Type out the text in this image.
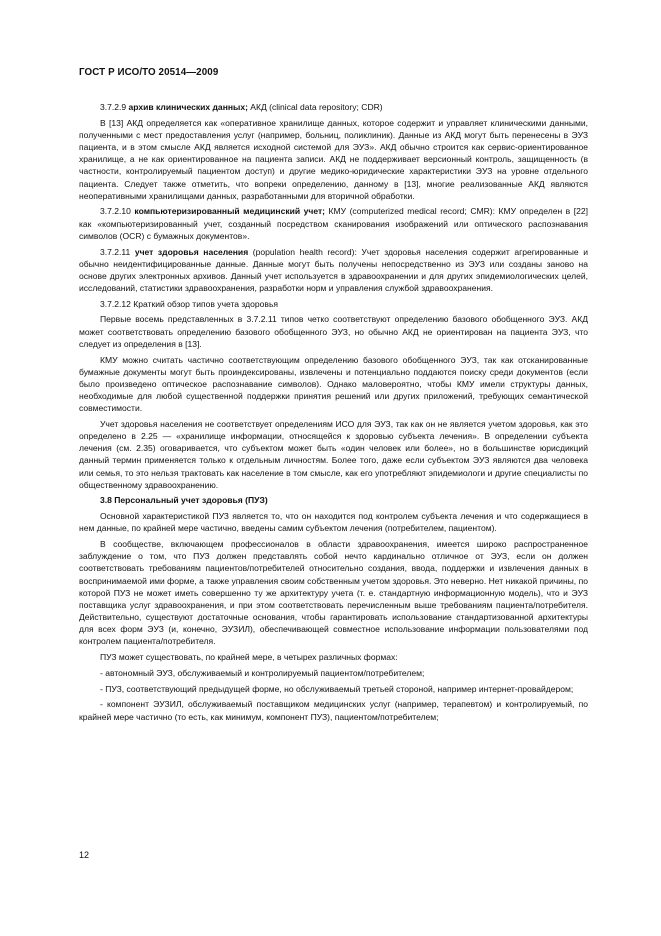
ГОСТ Р ИСО/ТО 20514—2009

3.7.2.9 архив клинических данных; АКД (clinical data repository; CDR)

В [13] АКД определяется как «оперативное хранилище данных, которое содержит и управляет клиническими данными, полученными с мест предоставления услуг (например, больниц, поликлиник). Данные из АКД могут быть перенесены в ЭУЗ пациента, и в этом смысле АКД является исходной системой для ЭУЗ». АКД обычно строится как сервис-ориентированное хранилище, а не как ориентированное на пациента записи. АКД не поддерживает версионный контроль, защищенность (в частности, контролируемый пациентом доступ) и другие медико-юридические характеристики ЭУЗ на уровне отдельного пациента. Следует также отметить, что вопреки определению, данному в [13], многие реализованные АКД являются неоперативными хранилищами данных, разработанными для вторичной обработки.

3.7.2.10 компьютеризированный медицинский учет; КМУ (computerized medical record; CMR): КМУ определен в [22] как «компьютеризированный учет, созданный посредством сканирования изображений или оптического распознавания символов (OCR) с бумажных документов».

3.7.2.11 учет здоровья населения (population health record): Учет здоровья населения содержит агрегированные и обычно неидентифицированные данные. Данные могут быть получены непосредственно из ЭУЗ или созданы заново на основе других электронных архивов. Данный учет используется в здравоохранении и для других эпидемиологических целей, исследований, статистики здравоохранения, разработки норм и управления службой здравоохранения.

3.7.2.12 Краткий обзор типов учета здоровья

Первые восемь представленных в 3.7.2.11 типов четко соответствуют определению базового обобщенного ЭУЗ. АКД может соответствовать определению базового обобщенного ЭУЗ, но обычно АКД не ориентирован на пациента ЭУЗ, что следует из определения в [13].

КМУ можно считать частично соответствующим определению базового обобщенного ЭУЗ, так как отсканированные бумажные документы могут быть проиндексированы, извлечены и потенциально поддаются поиску среди документов (если было произведено оптическое распознавание символов). Однако маловероятно, чтобы КМУ имели структуры данных, необходимые для любой существенной поддержки принятия решений или других приложений, требующих семантической совместимости.

Учет здоровья населения не соответствует определениям ИСО для ЭУЗ, так как он не является учетом здоровья, как это определено в 2.25 — «хранилище информации, относящейся к здоровью субъекта лечения». В определении субъекта лечения (см. 2.35) оговаривается, что субъектом может быть «один человек или более», но в большинстве юрисдикций данный термин применяется только к отдельным личностям. Более того, даже если субъектом ЭУЗ являются два человека или семья, то это нельзя трактовать как население в том смысле, как его употребляют эпидемиологи и другие специалисты по общественному здравоохранению.

3.8 Персональный учет здоровья (ПУЗ)

Основной характеристикой ПУЗ является то, что он находится под контролем субъекта лечения и что содержащиеся в нем данные, по крайней мере частично, введены самим субъектом лечения (потребителем, пациентом).

В сообществе, включающем профессионалов в области здравоохранения, имеется широко распространенное заблуждение о том, что ПУЗ должен представлять собой нечто кардинально отличное от ЭУЗ, если он должен соответствовать требованиям пациентов/потребителей относительно создания, ввода, поддержки и извлечения данных в воспринимаемой ими форме, а также управления своим собственным учетом здоровья. Это неверно. Нет никакой причины, по которой ПУЗ не может иметь совершенно ту же архитектуру учета (т. е. стандартную информационную модель), что и ЭУЗ поставщика услуг здравоохранения, и при этом соответствовать перечисленным выше требованиям пациента/потребителя. Действительно, существуют достаточные основания, чтобы гарантировать использование стандартизованной архитектуры для всех форм ЭУЗ (и, конечно, ЭУЗИЛ), обеспечивающей совместное использование информации пользователями под контролем пациента/потребителя.

ПУЗ может существовать, по крайней мере, в четырех различных формах:

- автономный ЭУЗ, обслуживаемый и контролируемый пациентом/потребителем;

- ПУЗ, соответствующий предыдущей форме, но обслуживаемый третьей стороной, например интернет-провайдером;

- компонент ЭУЗИЛ, обслуживаемый поставщиком медицинских услуг (например, терапевтом) и контролируемый, по крайней мере частично (то есть, как минимум, компонент ПУЗ), пациентом/потребителем;

12
